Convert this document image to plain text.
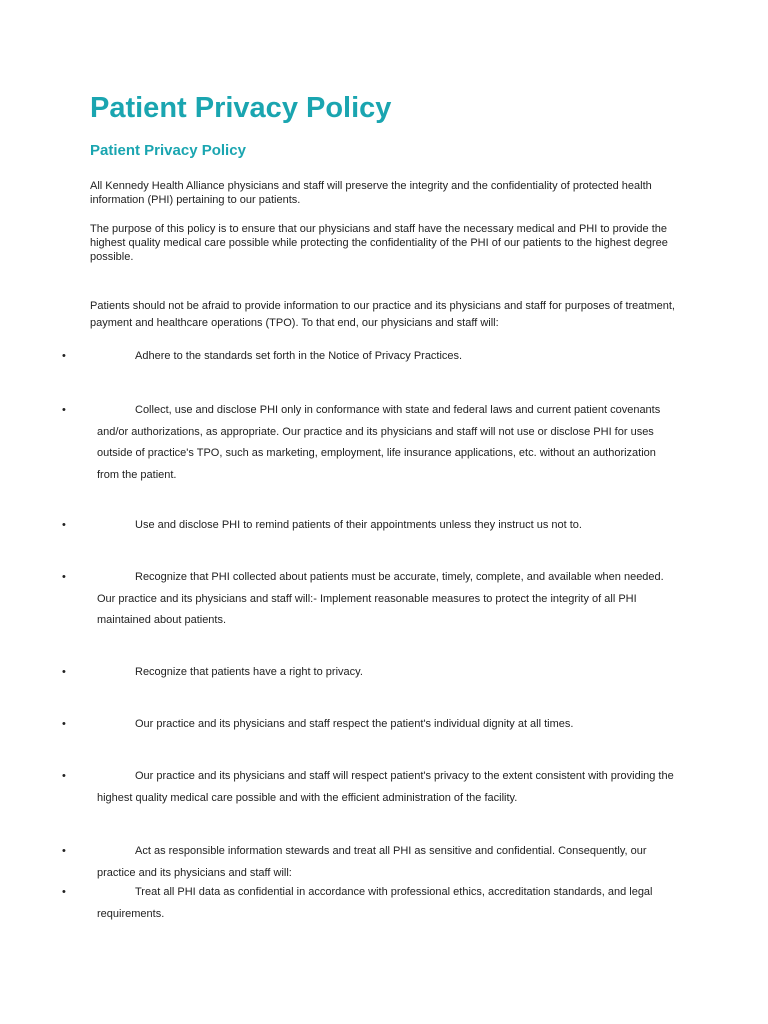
Patient Privacy Policy
Patient Privacy Policy

All Kennedy Health Alliance physicians and staff will preserve the integrity and the confidentiality of protected health information (PHI) pertaining to our patients.

The purpose of this policy is to ensure that our physicians and staff have the necessary medical and PHI to provide the highest quality medical care possible while protecting the confidentiality of the PHI of our patients to the highest degree possible.

Patients should not be afraid to provide information to our practice and its physicians and staff for purposes of treatment, payment and healthcare operations (TPO). To that end, our physicians and staff will:

•	Adhere to the standards set forth in the Notice of Privacy Practices.
•	Collect, use and disclose PHI only in conformance with state and federal laws and current patient covenants and/or authorizations, as appropriate. Our practice and its physicians and staff will not use or disclose PHI for uses outside of practice's TPO, such as marketing, employment, life insurance applications, etc. without an authorization from the patient.
•	Use and disclose PHI to remind patients of their appointments unless they instruct us not to.
•	Recognize that PHI collected about patients must be accurate, timely, complete, and available when needed. Our practice and its physicians and staff will:- Implement reasonable measures to protect the integrity of all PHI maintained about patients.
•	Recognize that patients have a right to privacy.
•	Our practice and its physicians and staff respect the patient's individual dignity at all times.
•	Our practice and its physicians and staff will respect patient's privacy to the extent consistent with providing the highest quality medical care possible and with the efficient administration of the facility.
•	Act as responsible information stewards and treat all PHI as sensitive and confidential. Consequently, our practice and its physicians and staff will:
•	Treat all PHI data as confidential in accordance with professional ethics, accreditation standards, and legal requirements.
